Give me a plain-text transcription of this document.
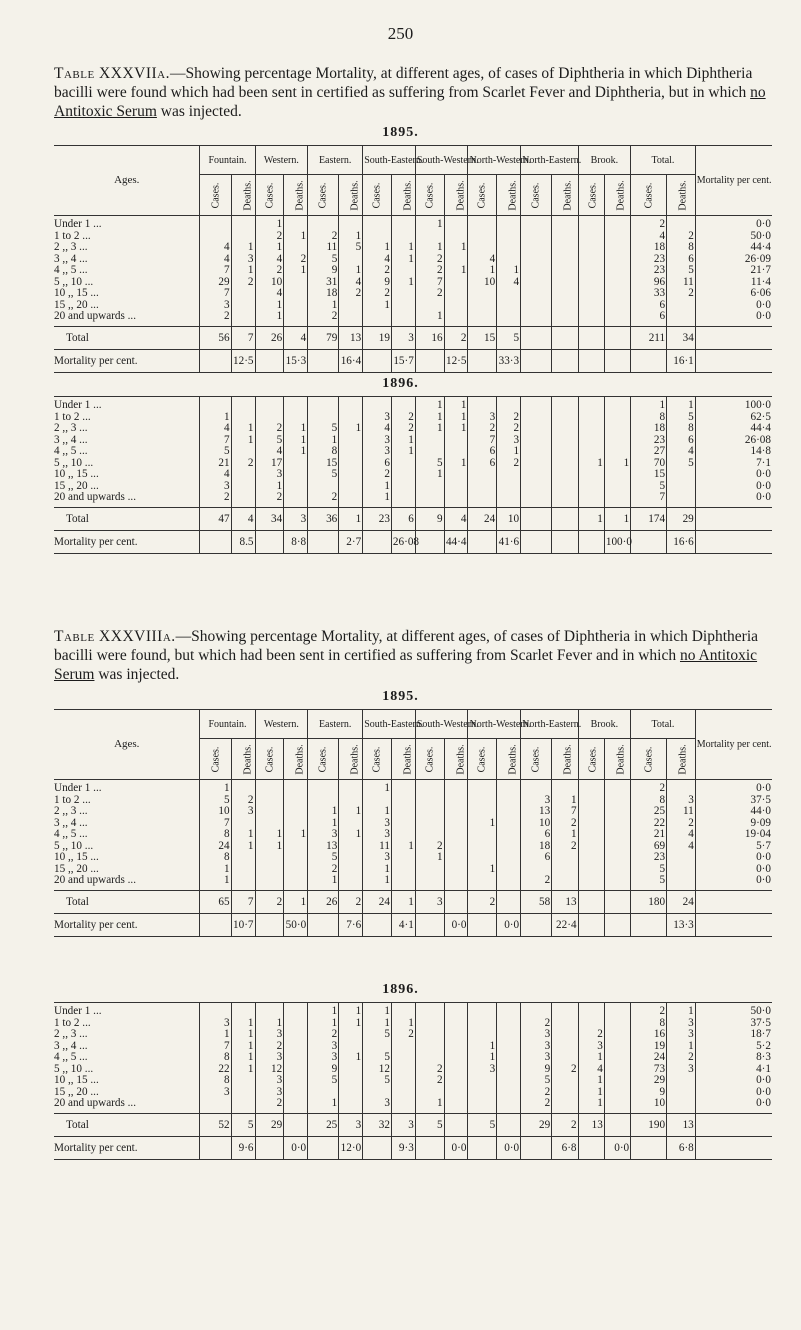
250
Table XXXVIIa.—Showing percentage Mortality, at different ages, of cases of Diphtheria in which Diphtheria bacilli were found which had been sent in certified as suffering from Scarlet Fever and Diphtheria, but in which no Antitoxic Serum was injected.
1895.
Ages.	Fountain.		Western.		Eastern.		South-Eastern.		South-Western.		North-Western.		North-Eastern.		Brook.		Total.		Mortality per cent.
	Cases.	Deaths.	Cases.	Deaths.	Cases.	Deaths.	Cases.	Deaths.	Cases.	Deaths.	Cases.	Deaths.	Cases.	Deaths.	Cases.	Deaths.	Cases.	Deaths.	
Under 1 ...			1						1								2		0·0
1 to 2 ...			2	1	2	1											4	2	50·0
2 ,, 3 ...	4	1	1		11	5	1	1	1	1							18	8	44·4
3 ,, 4 ...	4	3	4	2	5		4	1	2		4						23	6	26·09
4 ,, 5 ...	7	1	2	1	9	1	2		2	1	1	1					23	5	21·7
5 ,, 10 ...	29	2	10		31	4	9	1	7		10	4					96	11	11·4
10 ,, 15 ...	7		4		18	2	2		2								33	2	6·06
15 ,, 20 ...	3		1		1		1										6		0·0
20 and upwards ...	2		1		2				1								6		0·0
Total	56	7	26	4	79	13	19	3	16	2	15	5					211	34	
Mortality per cent.		12·5		15·3		16·4		15·7		12·5		33·3						16·1	
1896.
Under 1 ...									1	1							1	1	100·0
1 to 2 ...	1						3	2	1	1	3	2					8	5	62·5
2 ,, 3 ...	4	1	2	1	5	1	4	2	1	1	2	2					18	8	44·4
3 ,, 4 ...	7	1	5	1	1		3	1			7	3					23	6	26·08
4 ,, 5 ...	5		4	1	8		3	1			6	1					27	4	14·8
5 ,, 10 ...	21	2	17		15		6		5	1	6	2			1	1	70	5	7·1
10 ,, 15 ...	4		3		5		2		1								15		0·0
15 ,, 20 ...	3		1				1										5		0·0
20 and upwards ...	2		2		2		1										7		0·0
Total	47	4	34	3	36	1	23	6	9	4	24	10			1	1	174	29	
Mortality per cent.		8.5		8·8		2·7		26·08		44·4		41·6				100·0		16·6	
Table XXXVIIIa.—Showing percentage Mortality, at different ages, of cases of Diphtheria in which Diphtheria bacilli were found, but which had been sent in certified as suffering from Scarlet Fever and in which no Antitoxic Serum was injected.
1895.
Ages.	Fountain.		Western.		Eastern.		South-Eastern.		South-Western.		North-Western.		North-Eastern.		Brook.		Total.		Mortality per cent.
	Cases.	Deaths.	Cases.	Deaths.	Cases.	Deaths.	Cases.	Deaths.	Cases.	Deaths.	Cases.	Deaths.	Cases.	Deaths.	Cases.	Deaths.	Cases.	Deaths.	
Under 1 ...	1						1										2		0·0
1 to 2 ...	5	2											3	1			8	3	37·5
2 ,, 3 ...	10	3			1	1	1						13	7			25	11	44·0
3 ,, 4 ...	7				1		3				1		10	2			22	2	9·09
4 ,, 5 ...	8	1	1	1	3	1	3						6	1			21	4	19·04
5 ,, 10 ...	24	1	1		13		11	1	2				18	2			69	4	5·7
10 ,, 15 ...	8				5		3		1				6				23		0·0
15 ,, 20 ...	1				2		1				1						5		0·0
20 and upwards ...	1				1		1						2				5		0·0
Total	65	7	2	1	26	2	24	1	3		2		58	13			180	24	
Mortality per cent.		10·7		50·0		7·6		4·1		0·0		0·0		22·4				13·3	
1896.
Under 1 ...					1	1	1										2	1	50·0
1 to 2 ...	3	1	1		1	1	1	1					2				8	3	37·5
2 ,, 3 ...	1	1	3		2		5	2					3		2		16	3	18·7
3 ,, 4 ...	7	1	2		3						1		3		3		19	1	5·2
4 ,, 5 ...	8	1	3		3	1	5				1		3		1		24	2	8·3
5 ,, 10 ...	22	1	12		9		12		2		3		9	2	4		73	3	4·1
10 ,, 15 ...	8		3		5		5		2				5		1		29		0·0
15 ,, 20 ...	3		3										2		1		9		0·0
20 and upwards ...			2		1		3		1				2		1		10		0·0
Total	52	5	29		25	3	32	3	5		5		29	2	13		190	13	
Mortality per cent.		9·6		0·0		12·0		9·3		0·0		0·0		6·8		0·0		6·8	
